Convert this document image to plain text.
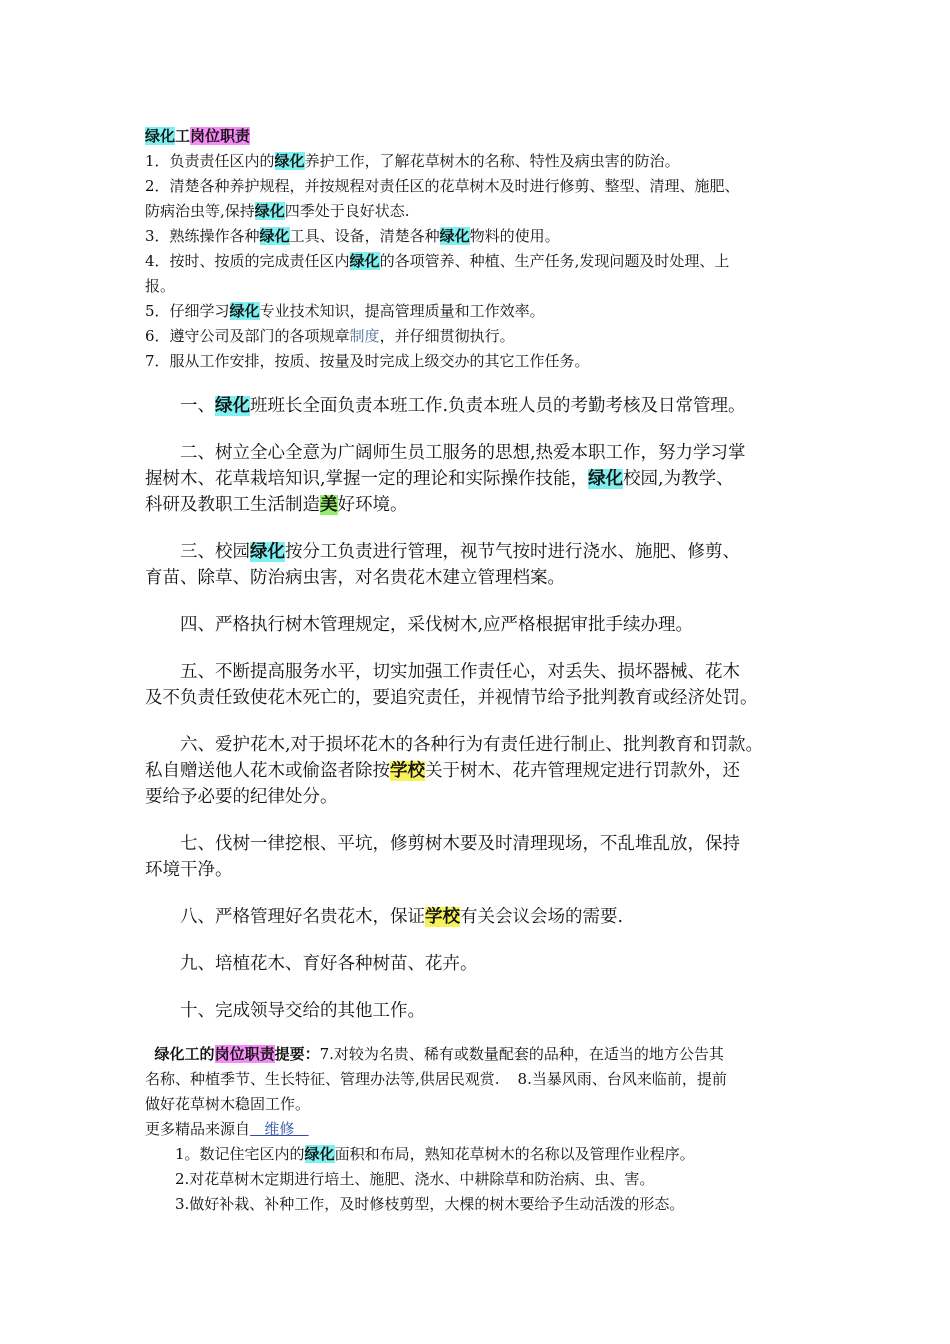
绿化工岗位职责
1．负责责任区内的绿化养护工作，了解花草树木的名称、特性及病虫害的防治。
2．清楚各种养护规程，并按规程对责任区的花草树木及时进行修剪、整型、清理、施肥、
防病治虫等,保持绿化四季处于良好状态.
3．熟练操作各种绿化工具、设备，清楚各种绿化物料的使用。
4．按时、按质的完成责任区内绿化的各项管养、种植、生产任务,发现问题及时处理、上
报。
5．仔细学习绿化专业技术知识，提高管理质量和工作效率。
6．遵守公司及部门的各项规章制度，并仔细贯彻执行。
7．服从工作安排，按质、按量及时完成上级交办的其它工作任务。
一、绿化班班长全面负责本班工作.负责本班人员的考勤考核及日常管理。
二、树立全心全意为广阔师生员工服务的思想,热爱本职工作，努力学习掌
握树木、花草栽培知识,掌握一定的理论和实际操作技能，绿化校园,为教学、
科研及教职工生活制造美好环境。
三、校园绿化按分工负责进行管理，视节气按时进行浇水、施肥、修剪、
育苗、除草、防治病虫害，对名贵花木建立管理档案。
四、严格执行树木管理规定，采伐树木,应严格根据审批手续办理。
五、不断提高服务水平，切实加强工作责任心，对丢失、损坏器械、花木
及不负责任致使花木死亡的，要追究责任，并视情节给予批判教育或经济处罚。
六、爱护花木,对于损坏花木的各种行为有责任进行制止、批判教育和罚款。
私自赠送他人花木或偷盗者除按学校关于树木、花卉管理规定进行罚款外，还
要给予必要的纪律处分。
七、伐树一律挖根、平坑，修剪树木要及时清理现场，不乱堆乱放，保持
环境干净。
八、严格管理好名贵花木，保证学校有关会议会场的需要.
九、培植花木、育好各种树苗、花卉。
十、完成领导交给的其他工作。
绿化工的岗位职责提要：7.对较为名贵、稀有或数量配套的品种，在适当的地方公告其
名称、种植季节、生长特征、管理办法等,供居民观赏. 8.当暴风雨、台风来临前，提前
做好花草树木稳固工作。
更多精品来源自   维修
1。数记住宅区内的绿化面积和布局，熟知花草树木的名称以及管理作业程序。
2.对花草树木定期进行培土、施肥、浇水、中耕除草和防治病、虫、害。
3.做好补栽、补种工作，及时修枝剪型，大棵的树木要给予生动活泼的形态。
